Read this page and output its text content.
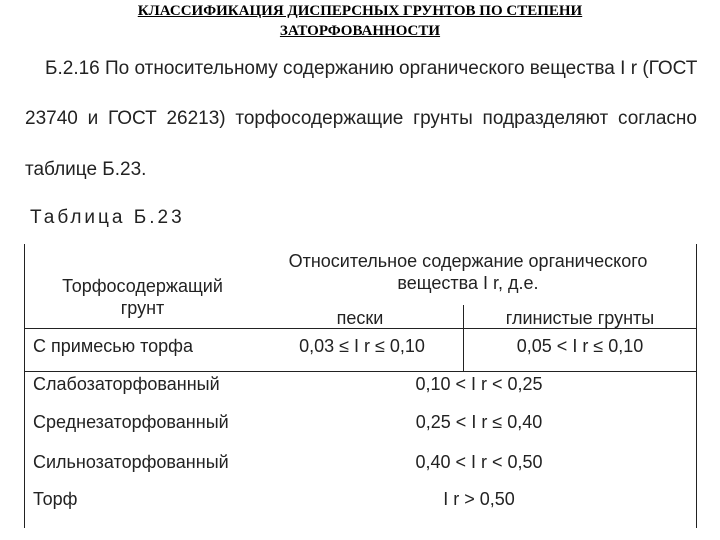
КЛАССИФИКАЦИЯ ДИСПЕРСНЫХ ГРУНТОВ ПО СТЕПЕНИ
ЗАТОРФОВАННОСТИ
Б.2.16 По относительному содержанию органического вещества I r (ГОСТ
23740 и ГОСТ 26213) торфосодержащие грунты подразделяют согласно
таблице Б.23.
Таблица Б.23
Торфосодержащий
грунт
Относительное содержание органического
вещества I r, д.е.
пески	глинистые грунты
С примесью торфа	0,03 ≤ I r ≤ 0,10	0,05 < I r ≤ 0,10
Слабозаторфованный	0,10 < I r < 0,25
Среднезаторфованный	0,25 < I r ≤ 0,40
Сильнозаторфованный	0,40 < I r < 0,50
Торф	I r > 0,50
